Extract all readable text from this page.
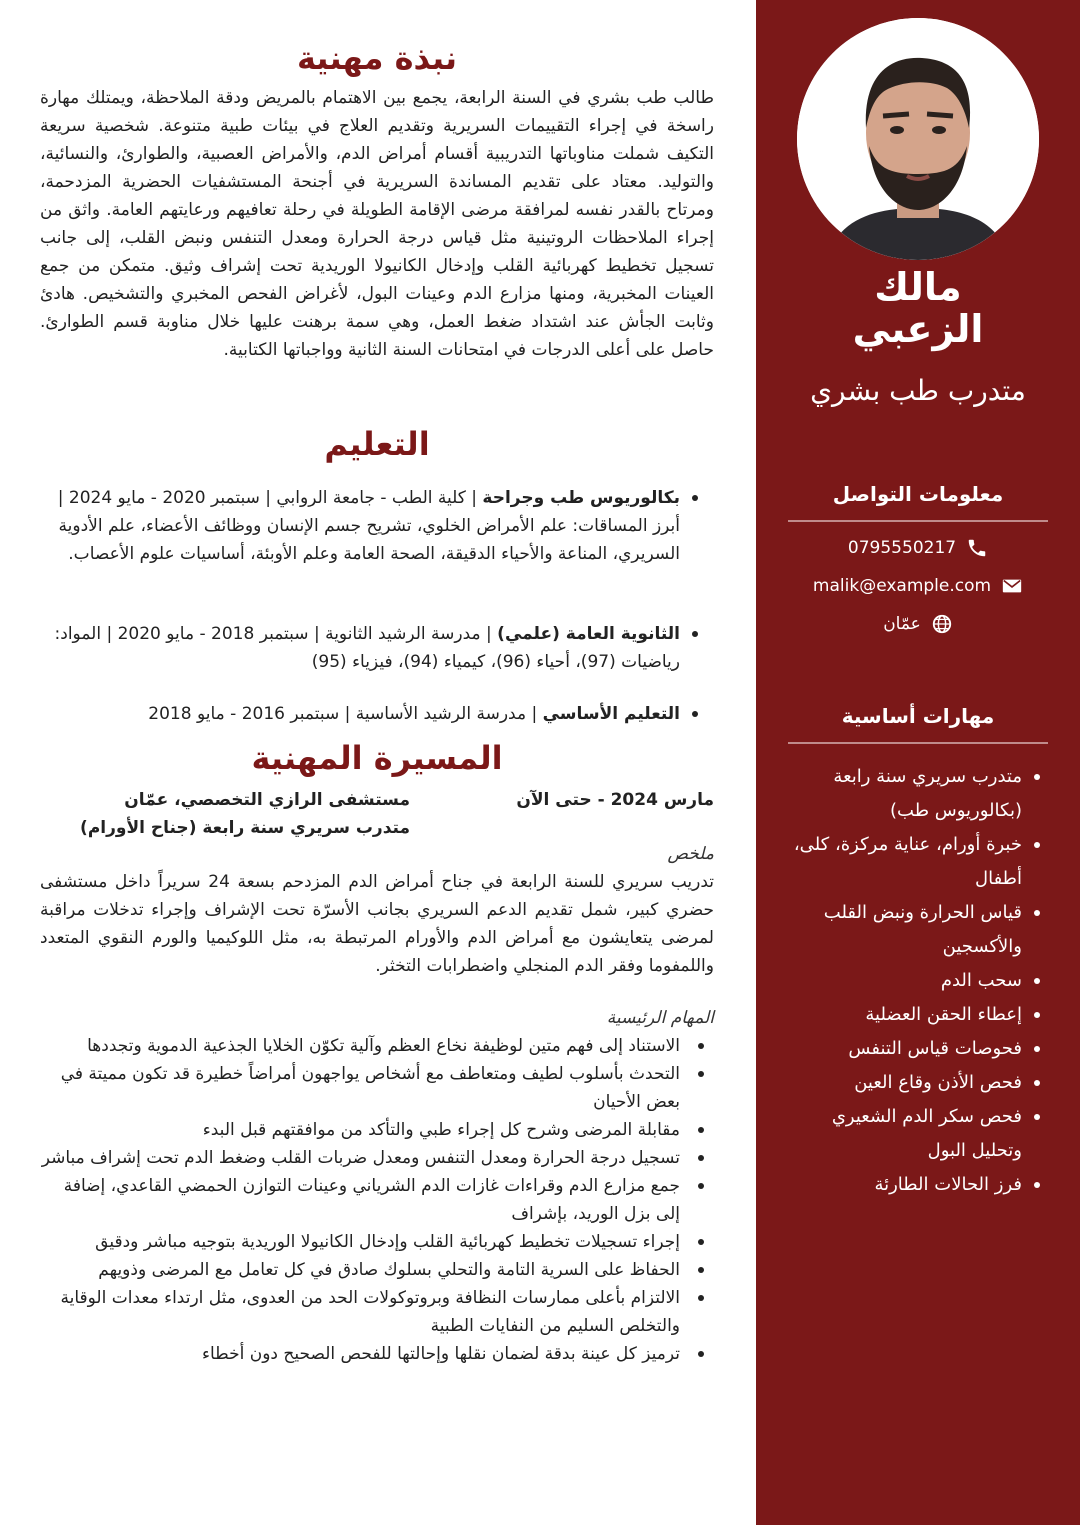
نبذة مهنية

طالب طب بشري في السنة الرابعة، يجمع بين الاهتمام بالمريض ودقة الملاحظة، ويمتلك مهارة راسخة في إجراء التقييمات السريرية وتقديم العلاج في بيئات طبية متنوعة. شخصية سريعة التكيف شملت مناوباتها التدريبية أقسام أمراض الدم، والأمراض العصبية، والطوارئ، والنسائية، والتوليد. معتاد على تقديم المساندة السريرية في أجنحة المستشفيات الحضرية المزدحمة، ومرتاح بالقدر نفسه لمرافقة مرضى الإقامة الطويلة في رحلة تعافيهم ورعايتهم العامة. واثق من إجراء الملاحظات الروتينية مثل قياس درجة الحرارة ومعدل التنفس ونبض القلب، إلى جانب تسجيل تخطيط كهربائية القلب وإدخال الكانيولا الوريدية تحت إشراف وثيق. متمكن من جمع العينات المخبرية، ومنها مزارع الدم وعينات البول، لأغراض الفحص المخبري والتشخيص. هادئ وثابت الجأش عند اشتداد ضغط العمل، وهي سمة برهنت عليها خلال مناوبة قسم الطوارئ. حاصل على أعلى الدرجات في امتحانات السنة الثانية وواجباتها الكتابية.

التعليم
بكالوريوس طب وجراحة | كلية الطب - جامعة الروابي | سبتمبر 2020 - مايو 2024 | أبرز المساقات: علم الأمراض الخلوي، تشريح جسم الإنسان ووظائف الأعضاء، علم الأدوية السريري، المناعة والأحياء الدقيقة، الصحة العامة وعلم الأوبئة، أساسيات علوم الأعصاب.
الثانوية العامة (علمي) | مدرسة الرشيد الثانوية | سبتمبر 2018 - مايو 2020 | المواد: رياضيات (97)، أحياء (96)، كيمياء (94)، فيزياء (95)
التعليم الأساسي | مدرسة الرشيد الأساسية | سبتمبر 2016 - مايو 2018
المسيرة المهنية
مارس 2024 - حتى الآن
مستشفى الرازي التخصصي، عمّان
متدرب سريري سنة رابعة (جناح الأورام)
ملخص

تدريب سريري للسنة الرابعة في جناح أمراض الدم المزدحم بسعة 24 سريراً داخل مستشفى حضري كبير، شمل تقديم الدعم السريري بجانب الأسرّة تحت الإشراف وإجراء تدخلات مراقبة لمرضى يتعايشون مع أمراض الدم والأورام المرتبطة به، مثل اللوكيميا والورم النقوي المتعدد واللمفوما وفقر الدم المنجلي واضطرابات التخثر.

المهام الرئيسية
الاستناد إلى فهم متين لوظيفة نخاع العظم وآلية تكوّن الخلايا الجذعية الدموية وتجددها
التحدث بأسلوب لطيف ومتعاطف مع أشخاص يواجهون أمراضاً خطيرة قد تكون مميتة في بعض الأحيان
مقابلة المرضى وشرح كل إجراء طبي والتأكد من موافقتهم قبل البدء
تسجيل درجة الحرارة ومعدل التنفس ومعدل ضربات القلب وضغط الدم تحت إشراف مباشر
جمع مزارع الدم وقراءات غازات الدم الشرياني وعينات التوازن الحمضي القاعدي، إضافة إلى بزل الوريد، بإشراف
إجراء تسجيلات تخطيط كهربائية القلب وإدخال الكانيولا الوريدية بتوجيه مباشر ودقيق
الحفاظ على السرية التامة والتحلي بسلوك صادق في كل تعامل مع المرضى وذويهم
الالتزام بأعلى ممارسات النظافة وبروتوكولات الحد من العدوى، مثل ارتداء معدات الوقاية والتخلص السليم من النفايات الطبية
ترميز كل عينة بدقة لضمان نقلها وإحالتها للفحص الصحيح دون أخطاء
مالك
الزعبي
متدرب طب بشري
معلومات التواصل
0795550217
malik@example.com
عمّان
مهارات أساسية
متدرب سريري سنة رابعة (بكالوريوس طب)
خبرة أورام، عناية مركزة، كلى، أطفال
قياس الحرارة ونبض القلب والأكسجين
سحب الدم
إعطاء الحقن العضلية
فحوصات قياس التنفس
فحص الأذن وقاع العين
فحص سكر الدم الشعيري وتحليل البول
فرز الحالات الطارئة
